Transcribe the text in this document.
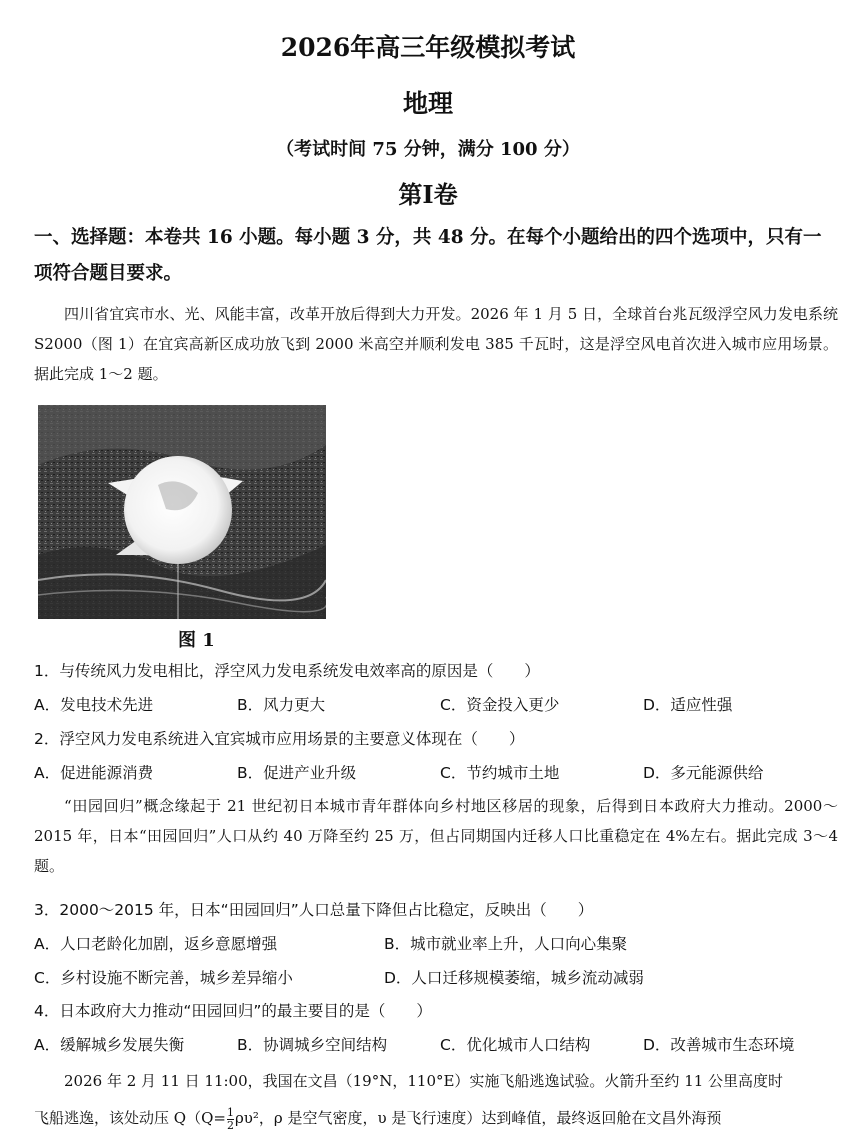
2026年高三年级模拟考试
地理
（考试时间 75 分钟，满分 100 分）
第I卷
一、选择题：本卷共 16 小题。每小题 3 分，共 48 分。在每个小题给出的四个选项中，只有一项符合题目要求。
四川省宜宾市水、光、风能丰富，改革开放后得到大力开发。2026 年 1 月 5 日，全球首台兆瓦级浮空风力发电系统 S2000（图 1）在宜宾高新区成功放飞到 2000 米高空并顺利发电 385 千瓦时，这是浮空风电首次进入城市应用场景。据此完成 1～2 题。
图 1
1．与传统风力发电相比，浮空风力发电系统发电效率高的原因是（　　）
A．发电技术先进	B．风力更大	C．资金投入更少	D．适应性强
2．浮空风力发电系统进入宜宾城市应用场景的主要意义体现在（　　）
A．促进能源消费	B．促进产业升级	C．节约城市土地	D．多元能源供给
“田园回归”概念缘起于 21 世纪初日本城市青年群体向乡村地区移居的现象，后得到日本政府大力推动。2000～2015 年，日本“田园回归”人口从约 40 万降至约 25 万，但占同期国内迁移人口比重稳定在 4%左右。据此完成 3～4 题。
3．2000～2015 年，日本“田园回归”人口总量下降但占比稳定，反映出（　　）
A．人口老龄化加剧，返乡意愿增强	B．城市就业率上升，人口向心集聚
C．乡村设施不断完善，城乡差异缩小	D．人口迁移规模萎缩，城乡流动减弱
4．日本政府大力推动“田园回归”的最主要目的是（　　）
A．缓解城乡发展失衡	B．协调城乡空间结构	C．优化城市人口结构	D．改善城市生态环境
2026 年 2 月 11 日 11:00，我国在文昌（19°N，110°E）实施飞船逃逸试验。火箭升至约 11 公里高度时
飞船逃逸，该处动压 $Q(Q= \frac{1}{2} \rho\upsilon^2$，ρ 是空气密度，υ 是飞行速度）达到峰值，最终返回舱在文昌外海预
